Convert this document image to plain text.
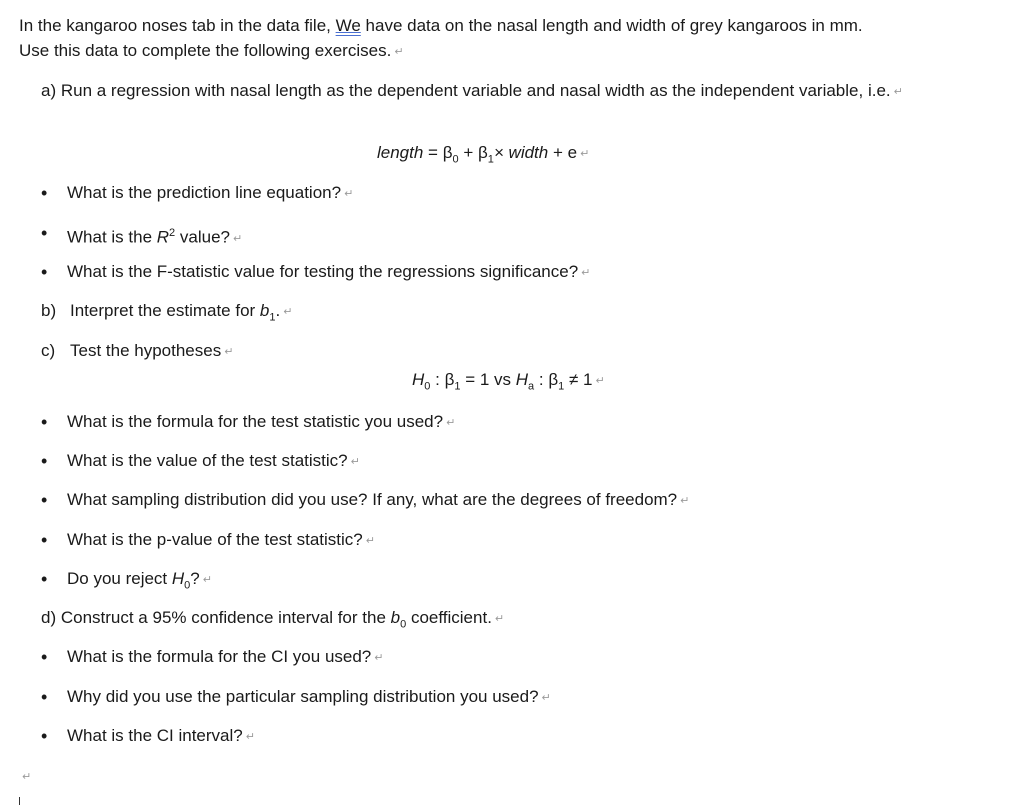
In the kangaroo noses tab in the data file, We have data on the nasal length and width of grey kangaroos in mm.
Use this data to complete the following exercises. ↵
a) Run a regression with nasal length as the dependent variable and nasal width as the independent variable, i.e. ↵
length = $\beta_0 + \beta_1\times$ width + e ↵
• What is the prediction line equation? ↵
• What is the $R^2$ value? ↵
• What is the F-statistic value for testing the regressions significance? ↵
b) Interpret the estimate for $b_1$. ↵
c) Test the hypotheses ↵
$H_0$ : $\beta_1 = 1$ vs $H_a$ : $\beta_1 \ne 1$ ↵
• What is the formula for the test statistic you used? ↵
• What is the value of the test statistic? ↵
• What sampling distribution did you use? If any, what are the degrees of freedom? ↵
• What is the p-value of the test statistic? ↵
• Do you reject $H_0$? ↵
d) Construct a 95% confidence interval for the $b_0$ coefficient. ↵
• What is the formula for the CI you used? ↵
• Why did you use the particular sampling distribution you used? ↵
• What is the CI interval? ↵
↵
